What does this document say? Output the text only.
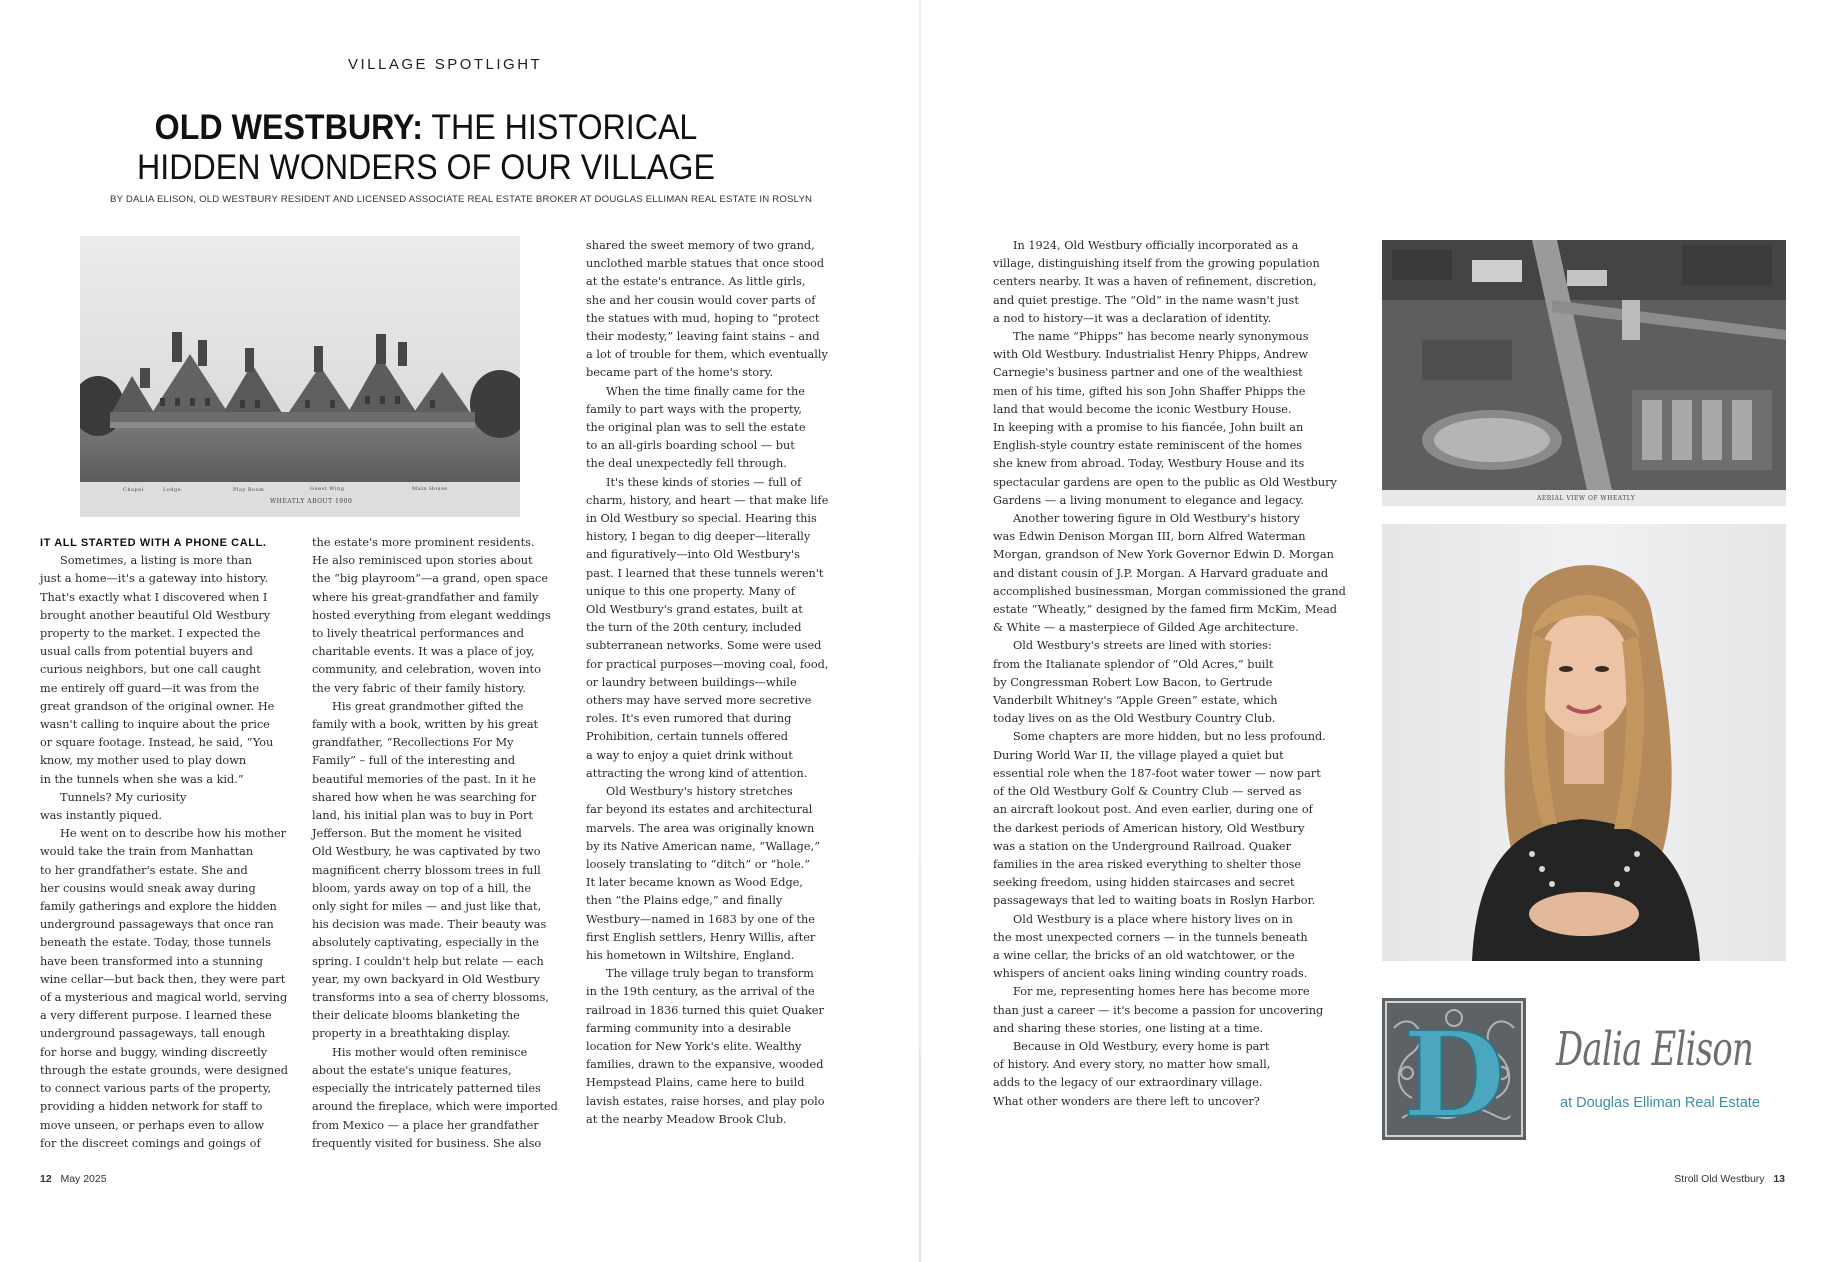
VILLAGE SPOTLIGHT
OLD WESTBURY: THE HISTORICAL HIDDEN WONDERS OF OUR VILLAGE
BY DALIA ELISON, OLD WESTBURY RESIDENT AND LICENSED ASSOCIATE REAL ESTATE BROKER AT DOUGLAS ELLIMAN REAL ESTATE IN ROSLYN
Chapel	Lodge	Play Room	Guest Wing	Main House
WHEATLY ABOUT 1900	AERIAL VIEW OF WHEATLY
IT ALL STARTED WITH A PHONE CALL.

Sometimes, a listing is more than
just a home—it's a gateway into history.
That's exactly what I discovered when I
brought another beautiful Old Westbury
property to the market. I expected the
usual calls from potential buyers and
curious neighbors, but one call caught
me entirely off guard—it was from the
great grandson of the original owner. He
wasn't calling to inquire about the price
or square footage. Instead, he said, “You
know, my mother used to play down
in the tunnels when she was a kid.”

Tunnels? My curiosity
was instantly piqued.

He went on to describe how his mother
would take the train from Manhattan
to her grandfather's estate. She and
her cousins would sneak away during
family gatherings and explore the hidden
underground passageways that once ran
beneath the estate. Today, those tunnels
have been transformed into a stunning
wine cellar—but back then, they were part
of a mysterious and magical world, serving
a very different purpose. I learned these
underground passageways, tall enough
for horse and buggy, winding discreetly
through the estate grounds, were designed
to connect various parts of the property,
providing a hidden network for staff to
move unseen, or perhaps even to allow
for the discreet comings and goings of

the estate's more prominent residents.
He also reminisced upon stories about
the “big playroom”—a grand, open space
where his great-grandfather and family
hosted everything from elegant weddings
to lively theatrical performances and
charitable events. It was a place of joy,
community, and celebration, woven into
the very fabric of their family history.

His great grandmother gifted the
family with a book, written by his great
grandfather, “Recollections For My
Family” – full of the interesting and
beautiful memories of the past. In it he
shared how when he was searching for
land, his initial plan was to buy in Port
Jefferson. But the moment he visited
Old Westbury, he was captivated by two
magnificent cherry blossom trees in full
bloom, yards away on top of a hill, the
only sight for miles — and just like that,
his decision was made. Their beauty was
absolutely captivating, especially in the
spring. I couldn't help but relate — each
year, my own backyard in Old Westbury
transforms into a sea of cherry blossoms,
their delicate blooms blanketing the
property in a breathtaking display.

His mother would often reminisce
about the estate's unique features,
especially the intricately patterned tiles
around the fireplace, which were imported
from Mexico — a place her grandfather
frequently visited for business. She also

shared the sweet memory of two grand,
unclothed marble statues that once stood
at the estate's entrance. As little girls,
she and her cousin would cover parts of
the statues with mud, hoping to “protect
their modesty,” leaving faint stains – and
a lot of trouble for them, which eventually
became part of the home's story.

When the time finally came for the
family to part ways with the property,
the original plan was to sell the estate
to an all-girls boarding school — but
the deal unexpectedly fell through.

It's these kinds of stories — full of
charm, history, and heart — that make life
in Old Westbury so special. Hearing this
history, I began to dig deeper—literally
and figuratively—into Old Westbury's
past. I learned that these tunnels weren't
unique to this one property. Many of
Old Westbury's grand estates, built at
the turn of the 20th century, included
subterranean networks. Some were used
for practical purposes—moving coal, food,
or laundry between buildings—while
others may have served more secretive
roles. It's even rumored that during
Prohibition, certain tunnels offered
a way to enjoy a quiet drink without
attracting the wrong kind of attention.

Old Westbury's history stretches
far beyond its estates and architectural
marvels. The area was originally known
by its Native American name, “Wallage,”
loosely translating to “ditch” or “hole.”
It later became known as Wood Edge,
then “the Plains edge,” and finally
Westbury—named in 1683 by one of the
first English settlers, Henry Willis, after
his hometown in Wiltshire, England.

The village truly began to transform
in the 19th century, as the arrival of the
railroad in 1836 turned this quiet Quaker
farming community into a desirable
location for New York's elite. Wealthy
families, drawn to the expansive, wooded
Hempstead Plains, came here to build
lavish estates, raise horses, and play polo
at the nearby Meadow Brook Club.

In 1924, Old Westbury officially incorporated as a
village, distinguishing itself from the growing population
centers nearby. It was a haven of refinement, discretion,
and quiet prestige. The “Old” in the name wasn't just
a nod to history—it was a declaration of identity.

The name “Phipps” has become nearly synonymous
with Old Westbury. Industrialist Henry Phipps, Andrew
Carnegie's business partner and one of the wealthiest
men of his time, gifted his son John Shaffer Phipps the
land that would become the iconic Westbury House.
In keeping with a promise to his fiancée, John built an
English-style country estate reminiscent of the homes
she knew from abroad. Today, Westbury House and its
spectacular gardens are open to the public as Old Westbury
Gardens — a living monument to elegance and legacy.

Another towering figure in Old Westbury's history
was Edwin Denison Morgan III, born Alfred Waterman
Morgan, grandson of New York Governor Edwin D. Morgan
and distant cousin of J.P. Morgan. A Harvard graduate and
accomplished businessman, Morgan commissioned the grand
estate “Wheatly,” designed by the famed firm McKim, Mead
& White — a masterpiece of Gilded Age architecture.

Old Westbury's streets are lined with stories:
from the Italianate splendor of “Old Acres,” built
by Congressman Robert Low Bacon, to Gertrude
Vanderbilt Whitney's “Apple Green” estate, which
today lives on as the Old Westbury Country Club.

Some chapters are more hidden, but no less profound.
During World War II, the village played a quiet but
essential role when the 187-foot water tower — now part
of the Old Westbury Golf & Country Club — served as
an aircraft lookout post. And even earlier, during one of
the darkest periods of American history, Old Westbury
was a station on the Underground Railroad. Quaker
families in the area risked everything to shelter those
seeking freedom, using hidden staircases and secret
passageways that led to waiting boats in Roslyn Harbor.

Old Westbury is a place where history lives on in
the most unexpected corners — in the tunnels beneath
a wine cellar, the bricks of an old watchtower, or the
whispers of ancient oaks lining winding country roads.

For me, representing homes here has become more
than just a career — it's become a passion for uncovering
and sharing these stories, one listing at a time.

Because in Old Westbury, every home is part
of history. And every story, no matter how small,
adds to the legacy of our extraordinary village.
What other wonders are there left to uncover?	D Dalia Elison
at Douglas Elliman Real Estate
12 May 2025	Stroll Old Westbury 13
